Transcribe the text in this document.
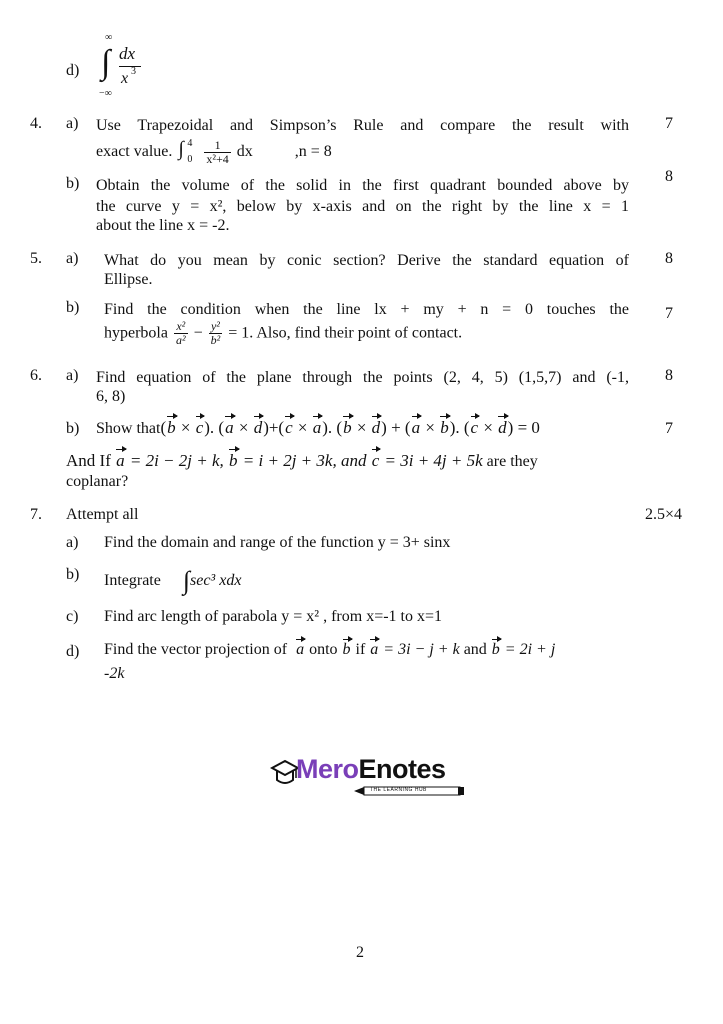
d)
∞
∫
−∞
dx
x 3
4. a) Use Trapezoidal and Simpson’s Rule and compare the result with	7
exact value. ∫ 4
0
$\frac{1}{\text{x²+4}}$ dx	,n = 8
b) Obtain the volume of the solid in the first quadrant bounded above by
the curve y = x², below by x-axis and on the right by the line x = 1
about the line x = -2.
8
5. a) What do you mean by conic section? Derive the standard equation of
Ellipse.
8
b) Find the condition when the line lx + my + n = 0 touches the	7
hyperbola $\frac{\text{x²}}{\text{a²}} - \frac{\text{y²}}{\text{b²}} = 1$. Also, find their point of contact.
6. a) Find equation of the plane through the points (2, 4, 5) (1,5,7) and (-1,
6, 8)
8
b) Show that(b × c). (a × d)+(c × a). (b × d) + (a × b). (c × d) = 0	7
And If a = 2i − 2j + k, b = i + 2j + 3k, and c = 3i + 4j + 5k are they
coplanar?
7. Attempt all	2.5×4
a) Find the domain and range of the function y = 3+ sinx
b) Integrate ∫sec³ xdx
c) Find arc length of parabola y = x² , from x=-1 to x=1
d) Find the vector projection of a onto b if a = 3i − j + k and b = 2i + j
-2k
MeroEnotes
THE LEARNING HUB
2
